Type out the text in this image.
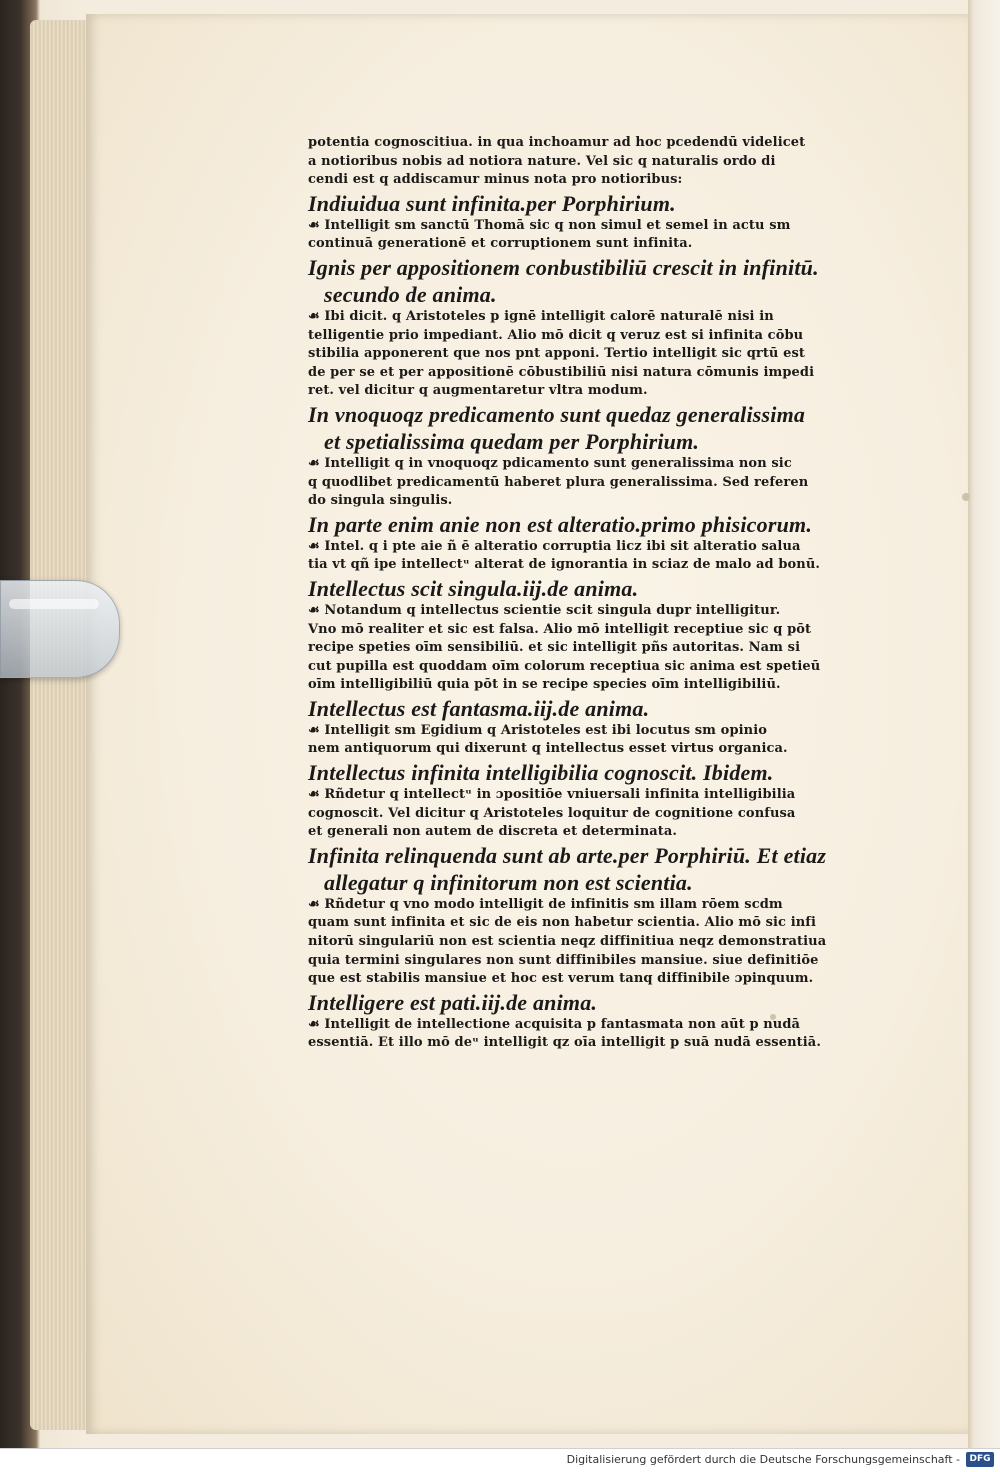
potentia cognoscitiua. in qua inchoamur ad hoc pcedendū videlicet
a notioribus nobis ad notiora nature. Vel sic q naturalis ordo di
cendi est q addiscamur minus nota pro notioribus:
Indiuidua sunt infinita.per Porphirium.
☙ Intelligit sm sanctū Thomā sic q non simul et semel in actu sm
continuā generationē et corruptionem sunt infinita.
Ignis per appositionem conbustibiliū crescit in infinitū.
secundo de anima.
☙ Ibi dicit. q Aristoteles p ignē intelligit calorē naturalē nisi in
telligentie prio impediant. Alio mō dicit q veruz est si infinita cōbu
stibilia apponerent que nos pnt apponi. Tertio intelligit sic qrtū est
de per se et per appositionē cōbustibiliū nisi natura cōmunis impedi
ret. vel dicitur q augmentaretur vltra modum.
In vnoquoqz predicamento sunt quedaz generalissima
et spetialissima quedam per Porphirium.
☙ Intelligit q in vnoquoqz pdicamento sunt generalissima non sic
q quodlibet predicamentū haberet plura generalissima. Sed referen
do singula singulis.
In parte enim anie non est alteratio.primo phisicorum.
☙ Intel. q i pte aie ñ ē alteratio corruptia licz ibi sit alteratio salua
tia vt qñ ipe intellectᵘ alterat de ignorantia in sciaz de malo ad bonū.
Intellectus scit singula.iij.de anima.
☙ Notandum q intellectus scientie scit singula dupr intelligitur.
Vno mō realiter et sic est falsa. Alio mō intelligit receptiue sic q pōt
recipe speties oīm sensibiliū. et sic intelligit pñs autoritas. Nam si
cut pupilla est quoddam oīm colorum receptiua sic anima est spetieū
oīm intelligibiliū quia pōt in se recipe species oīm intelligibiliū.
Intellectus est fantasma.iij.de anima.
☙ Intelligit sm Egidium q Aristoteles est ibi locutus sm opinio
nem antiquorum qui dixerunt q intellectus esset virtus organica.
Intellectus infinita intelligibilia cognoscit. Ibidem.
☙ Rñdetur q intellectᵘ in ɔpositiōe vniuersali infinita intelligibilia
cognoscit. Vel dicitur q Aristoteles loquitur de cognitione confusa
et generali non autem de discreta et determinata.
Infinita relinquenda sunt ab arte.per Porphiriū. Et etiaz
allegatur q infinitorum non est scientia.
☙ Rñdetur q vno modo intelligit de infinitis sm illam rōem scdm
quam sunt infinita et sic de eis non habetur scientia. Alio mō sic infi
nitorū singulariū non est scientia neqz diffinitiua neqz demonstratiua
quia termini singulares non sunt diffinibiles mansiue. siue definitiōe
que est stabilis mansiue et hoc est verum tanq diffinibile ɔpinquum.
Intelligere est pati.iij.de anima.
☙ Intelligit de intellectione acquisita p fantasmata non aūt p nudā
essentiā. Et illo mō deᵘ intelligit qz oīa intelligit p suā nudā essentiā.
Digitalisierung gefördert durch die Deutsche Forschungsgemeinschaft -	DFG
